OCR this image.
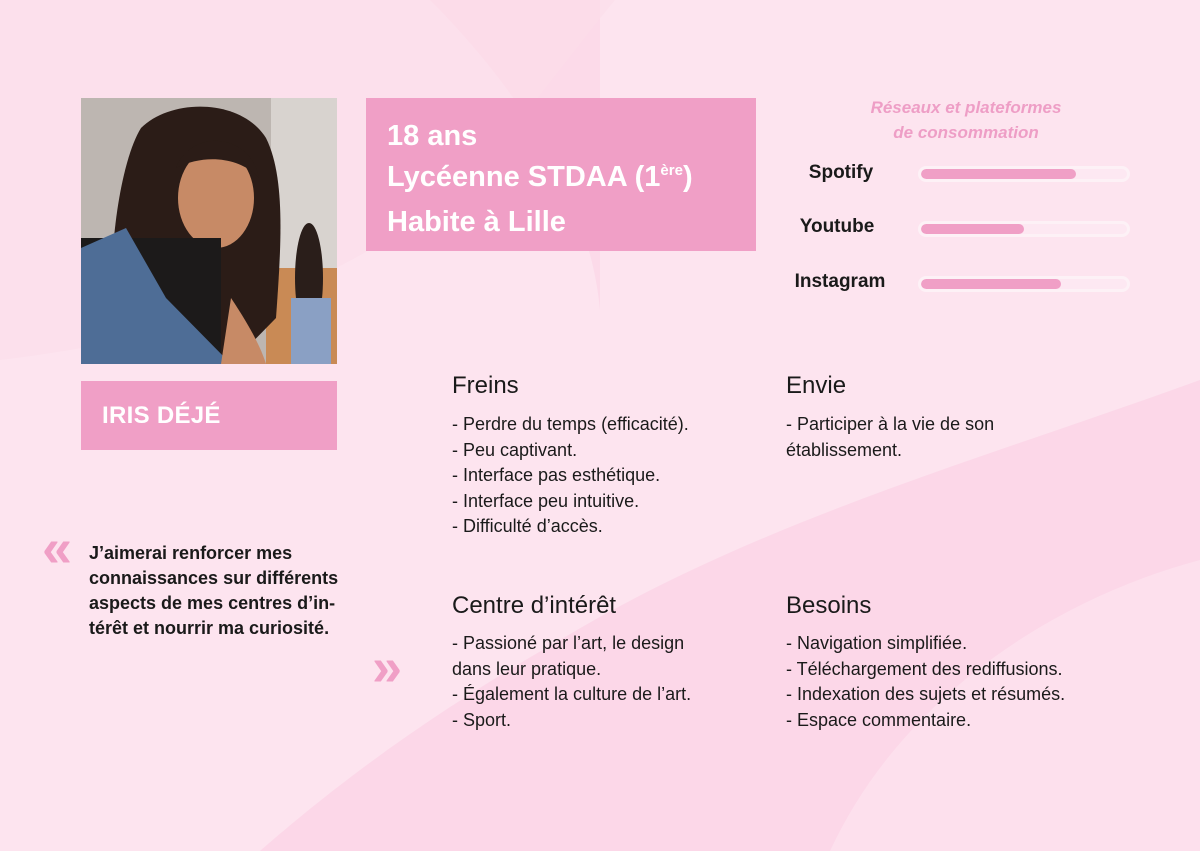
IRIS DÉJÉ
18 ans
Lycéenne STDAA (1ère)
Habite à Lille
Réseaux et plateformes
de consommation
Spotify
Youtube
Instagram
« J’aimerai renforcer mes
connaissances sur différents
aspects de mes centres d’in-
térêt et nourrir ma curiosité.
»
Freins
- Perdre du temps (efficacité).
- Peu captivant.
- Interface pas esthétique.
- Interface peu intuitive.
- Difficulté d’accès.
Envie
- Participer à la vie de son
établissement.
Centre d’intérêt
- Passioné par l’art, le design
dans leur pratique.
- Également la culture de l’art.
- Sport.
Besoins
- Navigation simplifiée.
- Téléchargement des rediffusions.
- Indexation des sujets et résumés.
- Espace commentaire.
